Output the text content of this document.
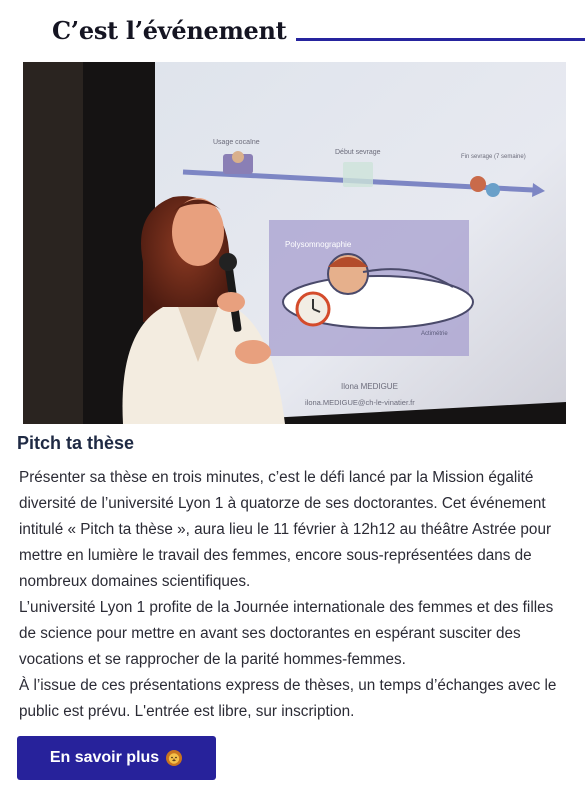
C’est l’événement
Usage cocaïne
Début sevrage
Fin sevrage (7 semaine)
Polysomnographie
Actimétrie
Ilona MEDIGUE
ilona.MEDIGUE@ch-le-vinatier.fr
Pitch ta thèse

Présenter sa thèse en trois minutes, c’est le défi lancé par la Mission égalité diversité de l’université Lyon 1 à quatorze de ses doctorantes. Cet événement intitulé « Pitch ta thèse », aura lieu le 11 février à 12h12 au théâtre Astrée pour mettre en lumière le travail des femmes, encore sous-représentées dans de nombreux domaines scientifiques.

L’université Lyon 1 profite de la Journée internationale des femmes et des filles de science pour mettre en avant ses doctorantes en espérant susciter des vocations et se rapprocher de la parité hommes-femmes.

À l’issue de ces présentations express de thèses, un temps d’échanges avec le public est prévu. L'entrée est libre, sur inscription.

En savoir plus
